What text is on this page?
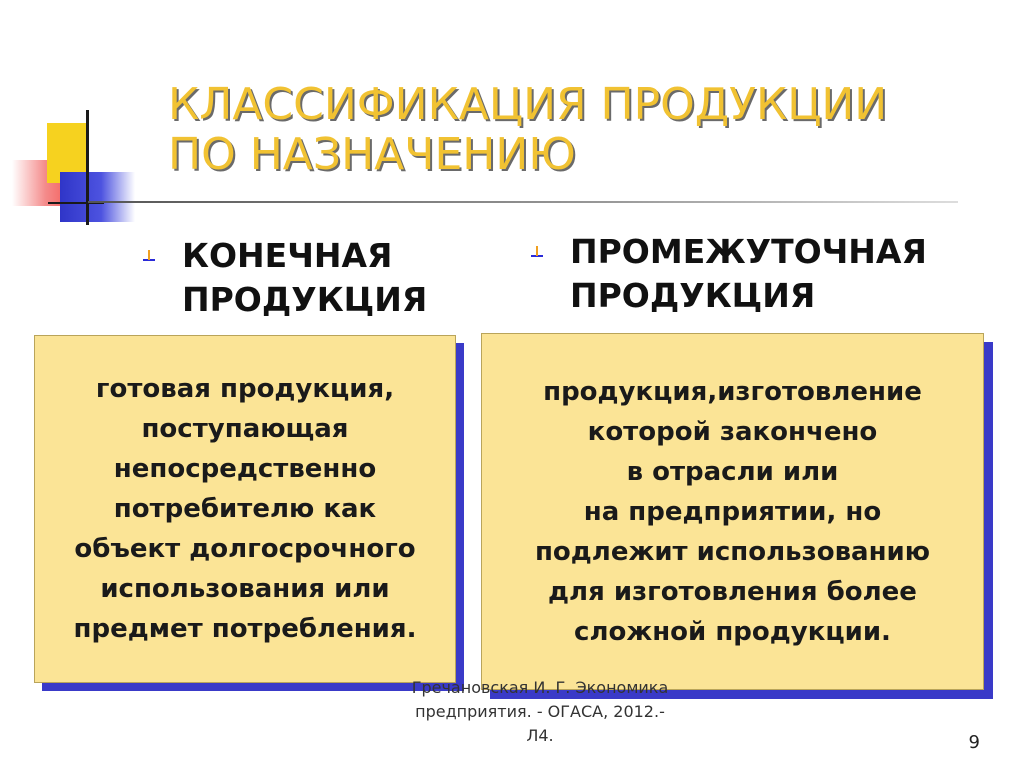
КЛАССИФИКАЦИЯ ПРОДУКЦИИ ПО НАЗНАЧЕНИЮ
КОНЕЧНАЯ
ПРОДУКЦИЯ

готовая продукция,
поступающая
непосредственно
потребителю как
объект долгосрочного
использования или
предмет потребления.

ПРОМЕЖУТОЧНАЯ
ПРОДУКЦИЯ

продукция,изготовление
которой закончено
в отрасли или
на предприятии, но
подлежит использованию
для изготовления более
сложной продукции.

Гречановская И. Г. Экономика
предприятия. - ОГАСА, 2012.-
Л4.	9
